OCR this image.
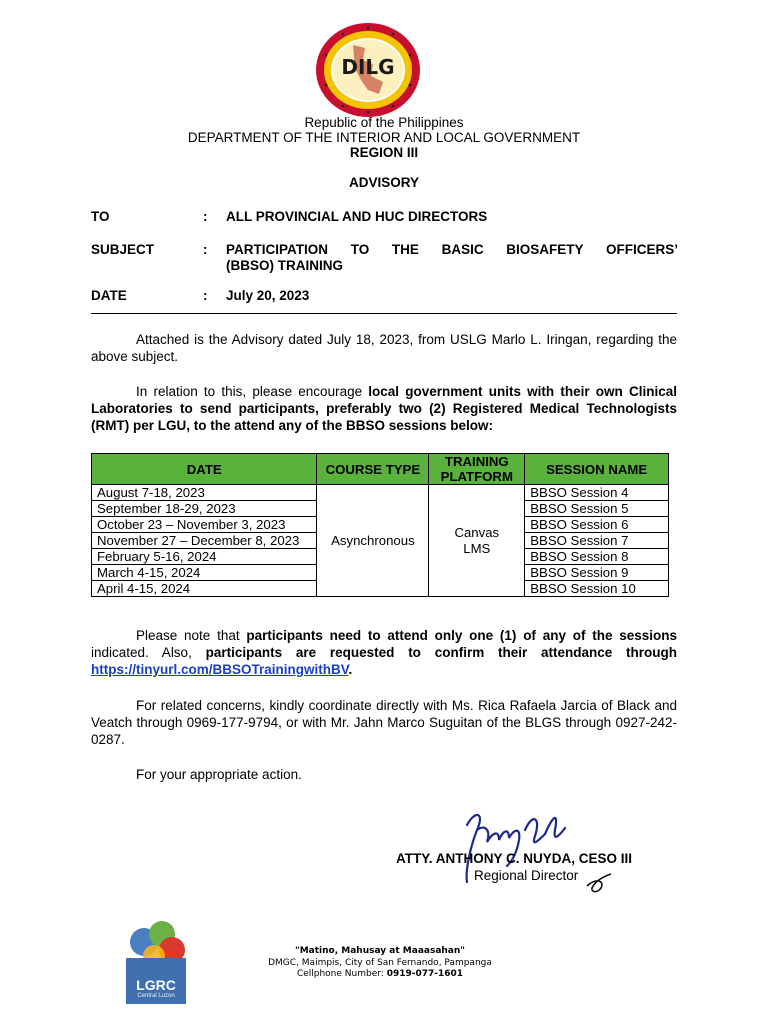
DILG
Republic of the Philippines
DEPARTMENT OF THE INTERIOR AND LOCAL GOVERNMENT
REGION III
ADVISORY
TO	: ALL PROVINCIAL AND HUC DIRECTORS
SUBJECT	: PARTICIPATION TO THE BASIC BIOSAFETY OFFICERS’
(BBSO) TRAINING
DATE	: July 20, 2023

Attached is the Advisory dated July 18, 2023, from USLG Marlo L. Iringan, regarding the above subject.

In relation to this, please encourage local government units with their own Clinical Laboratories to send participants, preferably two (2) Registered Medical Technologists (RMT) per LGU, to the attend any of the BBSO sessions below:

DATE	COURSE TYPE	TRAINING PLATFORM	SESSION NAME
August 7-18, 2023	Asynchronous	Canvas LMS	BBSO Session 4
September 18-29, 2023			BBSO Session 5
October 23 – November 3, 2023			BBSO Session 6
November 27 – December 8, 2023			BBSO Session 7
February 5-16, 2024			BBSO Session 8
March 4-15, 2024			BBSO Session 9
April 4-15, 2024			BBSO Session 10

Please note that participants need to attend only one (1) of any of the sessions indicated. Also, participants are requested to confirm their attendance through https://tinyurl.com/BBSOTrainingwithBV.

For related concerns, kindly coordinate directly with Ms. Rica Rafaela Jarcia of Black and Veatch through 0969-177-9794, or with Mr. Jahn Marco Suguitan of the BLGS through 0927-242-0287.

For your appropriate action.

ATTY. ANTHONY C. NUYDA, CESO III
Regional Director
LGRC
Central Luzon
"Matino, Mahusay at Maaasahan"
DMGC, Maimpis, City of San Fernando, Pampanga
Cellphone Number: 0919-077-1601
